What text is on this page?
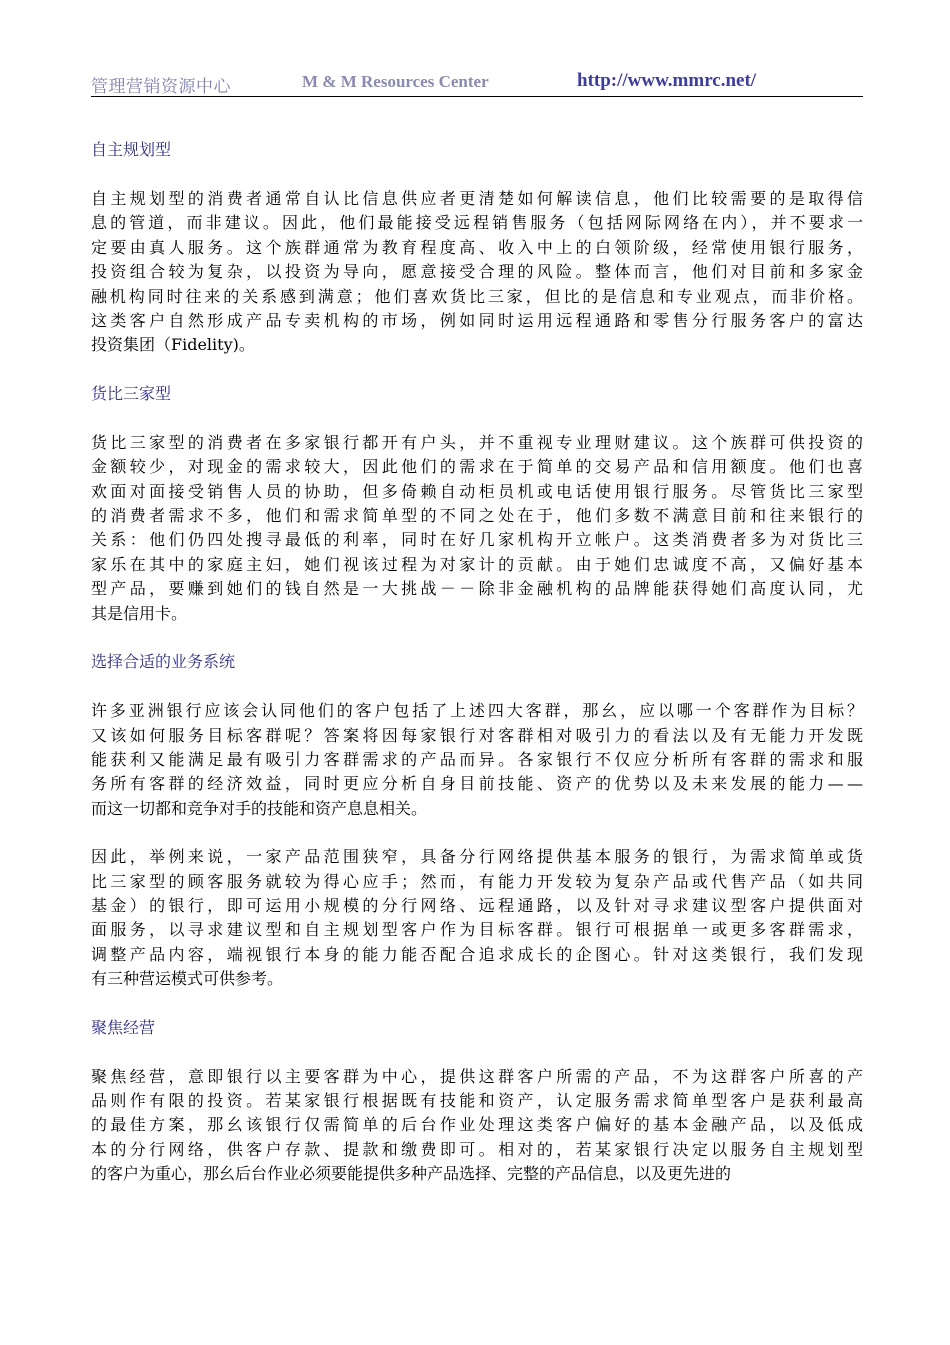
管理营销资源中心	M & M Resources Center	http://www.mmrc.net/
自主规划型
自主规划型的消费者通常自认比信息供应者更清楚如何解读信息，他们比较需要的是取得信
息的管道，而非建议。因此，他们最能接受远程销售服务（包括网际网络在内），并不要求一
定要由真人服务。这个族群通常为教育程度高、收入中上的白领阶级，经常使用银行服务，
投资组合较为复杂，以投资为导向，愿意接受合理的风险。整体而言，他们对目前和多家金
融机构同时往来的关系感到满意；他们喜欢货比三家，但比的是信息和专业观点，而非价格。
这类客户自然形成产品专卖机构的市场，例如同时运用远程通路和零售分行服务客户的富达
投资集团（Fidelity)。
货比三家型
货比三家型的消费者在多家银行都开有户头，并不重视专业理财建议。这个族群可供投资的
金额较少，对现金的需求较大，因此他们的需求在于简单的交易产品和信用额度。他们也喜
欢面对面接受销售人员的协助，但多倚赖自动柜员机或电话使用银行服务。尽管货比三家型
的消费者需求不多，他们和需求简单型的不同之处在于，他们多数不满意目前和往来银行的
关系：他们仍四处搜寻最低的利率，同时在好几家机构开立帐户。这类消费者多为对货比三
家乐在其中的家庭主妇，她们视该过程为对家计的贡献。由于她们忠诚度不高，又偏好基本
型产品，要赚到她们的钱自然是一大挑战－－除非金融机构的品牌能获得她们高度认同，尤
其是信用卡。
选择合适的业务系统
许多亚洲银行应该会认同他们的客户包括了上述四大客群，那幺，应以哪一个客群作为目标？
又该如何服务目标客群呢？答案将因每家银行对客群相对吸引力的看法以及有无能力开发既
能获利又能满足最有吸引力客群需求的产品而异。各家银行不仅应分析所有客群的需求和服
务所有客群的经济效益，同时更应分析自身目前技能、资产的优势以及未来发展的能力——
而这一切都和竞争对手的技能和资产息息相关。
因此，举例来说，一家产品范围狭窄，具备分行网络提供基本服务的银行，为需求简单或货
比三家型的顾客服务就较为得心应手；然而，有能力开发较为复杂产品或代售产品（如共同
基金）的银行，即可运用小规模的分行网络、远程通路，以及针对寻求建议型客户提供面对
面服务，以寻求建议型和自主规划型客户作为目标客群。银行可根据单一或更多客群需求，
调整产品内容，端视银行本身的能力能否配合追求成长的企图心。针对这类银行，我们发现
有三种营运模式可供参考。
聚焦经营
聚焦经营，意即银行以主要客群为中心，提供这群客户所需的产品，不为这群客户所喜的产
品则作有限的投资。若某家银行根据既有技能和资产，认定服务需求简单型客户是获利最高
的最佳方案，那幺该银行仅需简单的后台作业处理这类客户偏好的基本金融产品，以及低成
本的分行网络，供客户存款、提款和缴费即可。相对的，若某家银行决定以服务自主规划型
的客户为重心，那幺后台作业必须要能提供多种产品选择、完整的产品信息，以及更先进的
